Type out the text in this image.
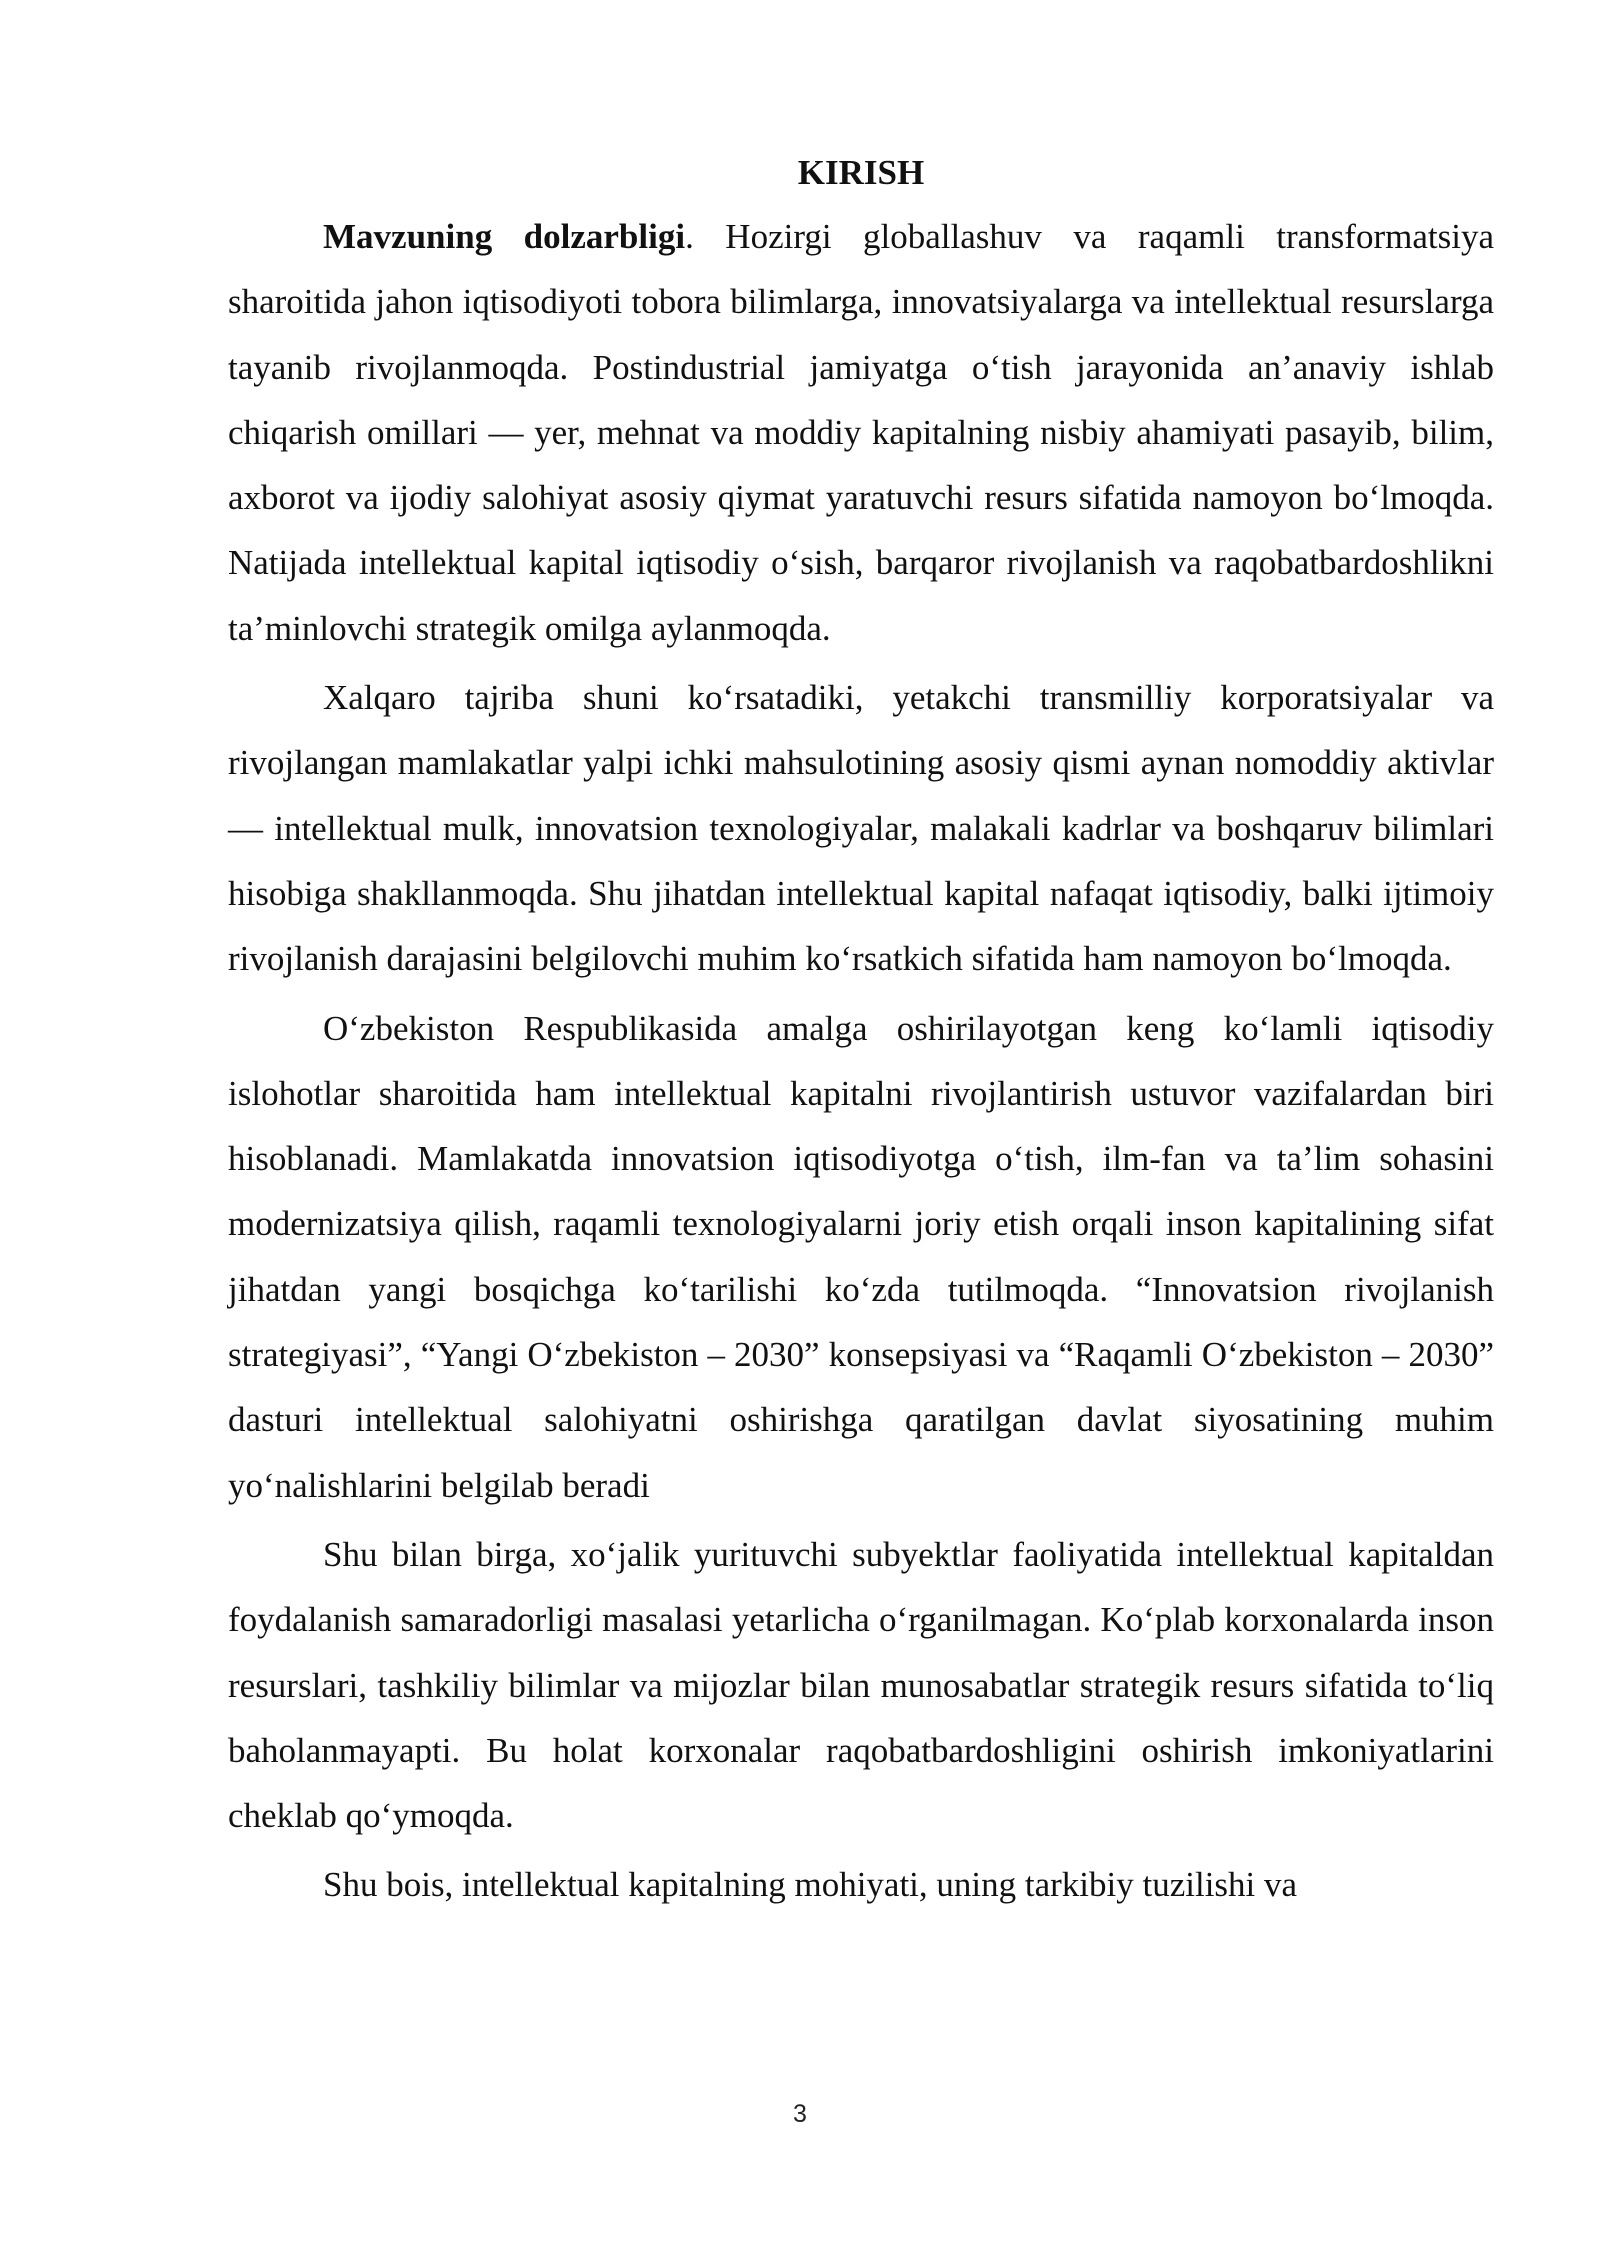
KIRISH

Mavzuning dolzarbligi. Hozirgi globallashuv va raqamli transformatsiya sharoitida jahon iqtisodiyoti tobora bilimlarga, innovatsiyalarga va intellektual resurslarga tayanib rivojlanmoqda. Postindustrial jamiyatga o‘tish jarayonida an’anaviy ishlab chiqarish omillari — yer, mehnat va moddiy kapitalning nisbiy ahamiyati pasayib, bilim, axborot va ijodiy salohiyat asosiy qiymat yaratuvchi resurs sifatida namoyon bo‘lmoqda. Natijada intellektual kapital iqtisodiy o‘sish, barqaror rivojlanish va raqobatbardoshlikni ta’minlovchi strategik omilga aylanmoqda.

Xalqaro tajriba shuni ko‘rsatadiki, yetakchi transmilliy korporatsiyalar va rivojlangan mamlakatlar yalpi ichki mahsulotining asosiy qismi aynan nomoddiy aktivlar — intellektual mulk, innovatsion texnologiyalar, malakali kadrlar va boshqaruv bilimlari hisobiga shakllanmoqda. Shu jihatdan intellektual kapital nafaqat iqtisodiy, balki ijtimoiy rivojlanish darajasini belgilovchi muhim ko‘rsatkich sifatida ham namoyon bo‘lmoqda.

O‘zbekiston Respublikasida amalga oshirilayotgan keng ko‘lamli iqtisodiy islohotlar sharoitida ham intellektual kapitalni rivojlantirish ustuvor vazifalardan biri hisoblanadi. Mamlakatda innovatsion iqtisodiyotga o‘tish, ilm-fan va ta’lim sohasini modernizatsiya qilish, raqamli texnologiyalarni joriy etish orqali inson kapitalining sifat jihatdan yangi bosqichga ko‘tarilishi ko‘zda tutilmoqda. “Innovatsion rivojlanish strategiyasi”, “Yangi O‘zbekiston – 2030” konsepsiyasi va “Raqamli O‘zbekiston – 2030” dasturi intellektual salohiyatni oshirishga qaratilgan davlat siyosatining muhim yo‘nalishlarini belgilab beradi

Shu bilan birga, xo‘jalik yurituvchi subyektlar faoliyatida intellektual kapitaldan foydalanish samaradorligi masalasi yetarlicha o‘rganilmagan. Ko‘plab korxonalarda inson resurslari, tashkiliy bilimlar va mijozlar bilan munosabatlar strategik resurs sifatida to‘liq baholanmayapti. Bu holat korxonalar raqobatbardoshligini oshirish imkoniyatlarini cheklab qo‘ymoqda.

Shu bois, intellektual kapitalning mohiyati, uning tarkibiy tuzilishi va

3
